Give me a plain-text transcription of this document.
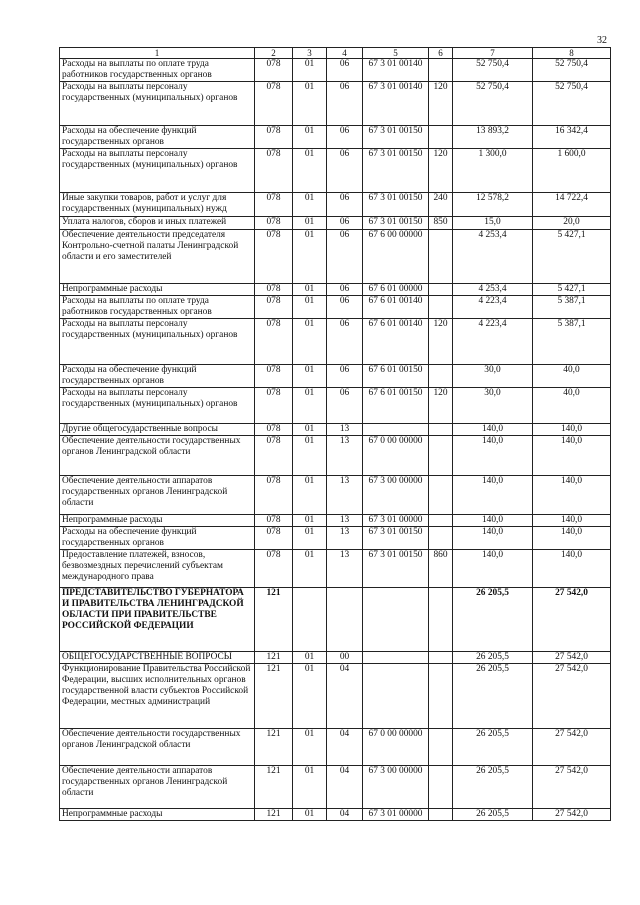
32
1	2	3	4	5	6	7	8
Расходы на выплаты по оплате труда работников государственных органов	078	01	06	67 3 01 00140		52 750,4	52 750,4
Расходы на выплаты персоналу государственных (муниципальных) органов	078	01	06	67 3 01 00140	120	52 750,4	52 750,4
Расходы на обеспечение функций государственных органов	078	01	06	67 3 01 00150		13 893,2	16 342,4
Расходы на выплаты персоналу государственных (муниципальных) органов	078	01	06	67 3 01 00150	120	1 300,0	1 600,0
Иные закупки товаров, работ и услуг для государственных (муниципальных) нужд	078	01	06	67 3 01 00150	240	12 578,2	14 722,4
Уплата налогов, сборов и иных платежей	078	01	06	67 3 01 00150	850	15,0	20,0
Обеспечение деятельности председателя Контрольно-счетной палаты Ленинградской области и его заместителей	078	01	06	67 6 00 00000		4 253,4	5 427,1
Непрограммные расходы	078	01	06	67 6 01 00000		4 253,4	5 427,1
Расходы на выплаты по оплате труда работников государственных органов	078	01	06	67 6 01 00140		4 223,4	5 387,1
Расходы на выплаты персоналу государственных (муниципальных) органов	078	01	06	67 6 01 00140	120	4 223,4	5 387,1
Расходы на обеспечение функций государственных органов	078	01	06	67 6 01 00150		30,0	40,0
Расходы на выплаты персоналу государственных (муниципальных) органов	078	01	06	67 6 01 00150	120	30,0	40,0
Другие общегосударственные вопросы	078	01	13			140,0	140,0
Обеспечение деятельности государственных органов Ленинградской области	078	01	13	67 0 00 00000		140,0	140,0
Обеспечение деятельности аппаратов государственных органов Ленинградской области	078	01	13	67 3 00 00000		140,0	140,0
Непрограммные расходы	078	01	13	67 3 01 00000		140,0	140,0
Расходы на обеспечение функций государственных органов	078	01	13	67 3 01 00150		140,0	140,0
Предоставление платежей, взносов, безвозмездных перечислений субъектам международного права	078	01	13	67 3 01 00150	860	140,0	140,0
ПРЕДСТАВИТЕЛЬСТВО ГУБЕРНАТОРА И ПРАВИТЕЛЬСТВА ЛЕНИНГРАДСКОЙ ОБЛАСТИ ПРИ ПРАВИТЕЛЬСТВЕ РОССИЙСКОЙ ФЕДЕРАЦИИ	121					26 205,5	27 542,0
ОБЩЕГОСУДАРСТВЕННЫЕ ВОПРОСЫ	121	01	00			26 205,5	27 542,0
Функционирование Правительства Российской Федерации, высших исполнительных органов государственной власти субъектов Российской Федерации, местных администраций	121	01	04			26 205,5	27 542,0
Обеспечение деятельности государственных органов Ленинградской области	121	01	04	67 0 00 00000		26 205,5	27 542,0
Обеспечение деятельности аппаратов государственных органов Ленинградской области	121	01	04	67 3 00 00000		26 205,5	27 542,0
Непрограммные расходы	121	01	04	67 3 01 00000		26 205,5	27 542,0
